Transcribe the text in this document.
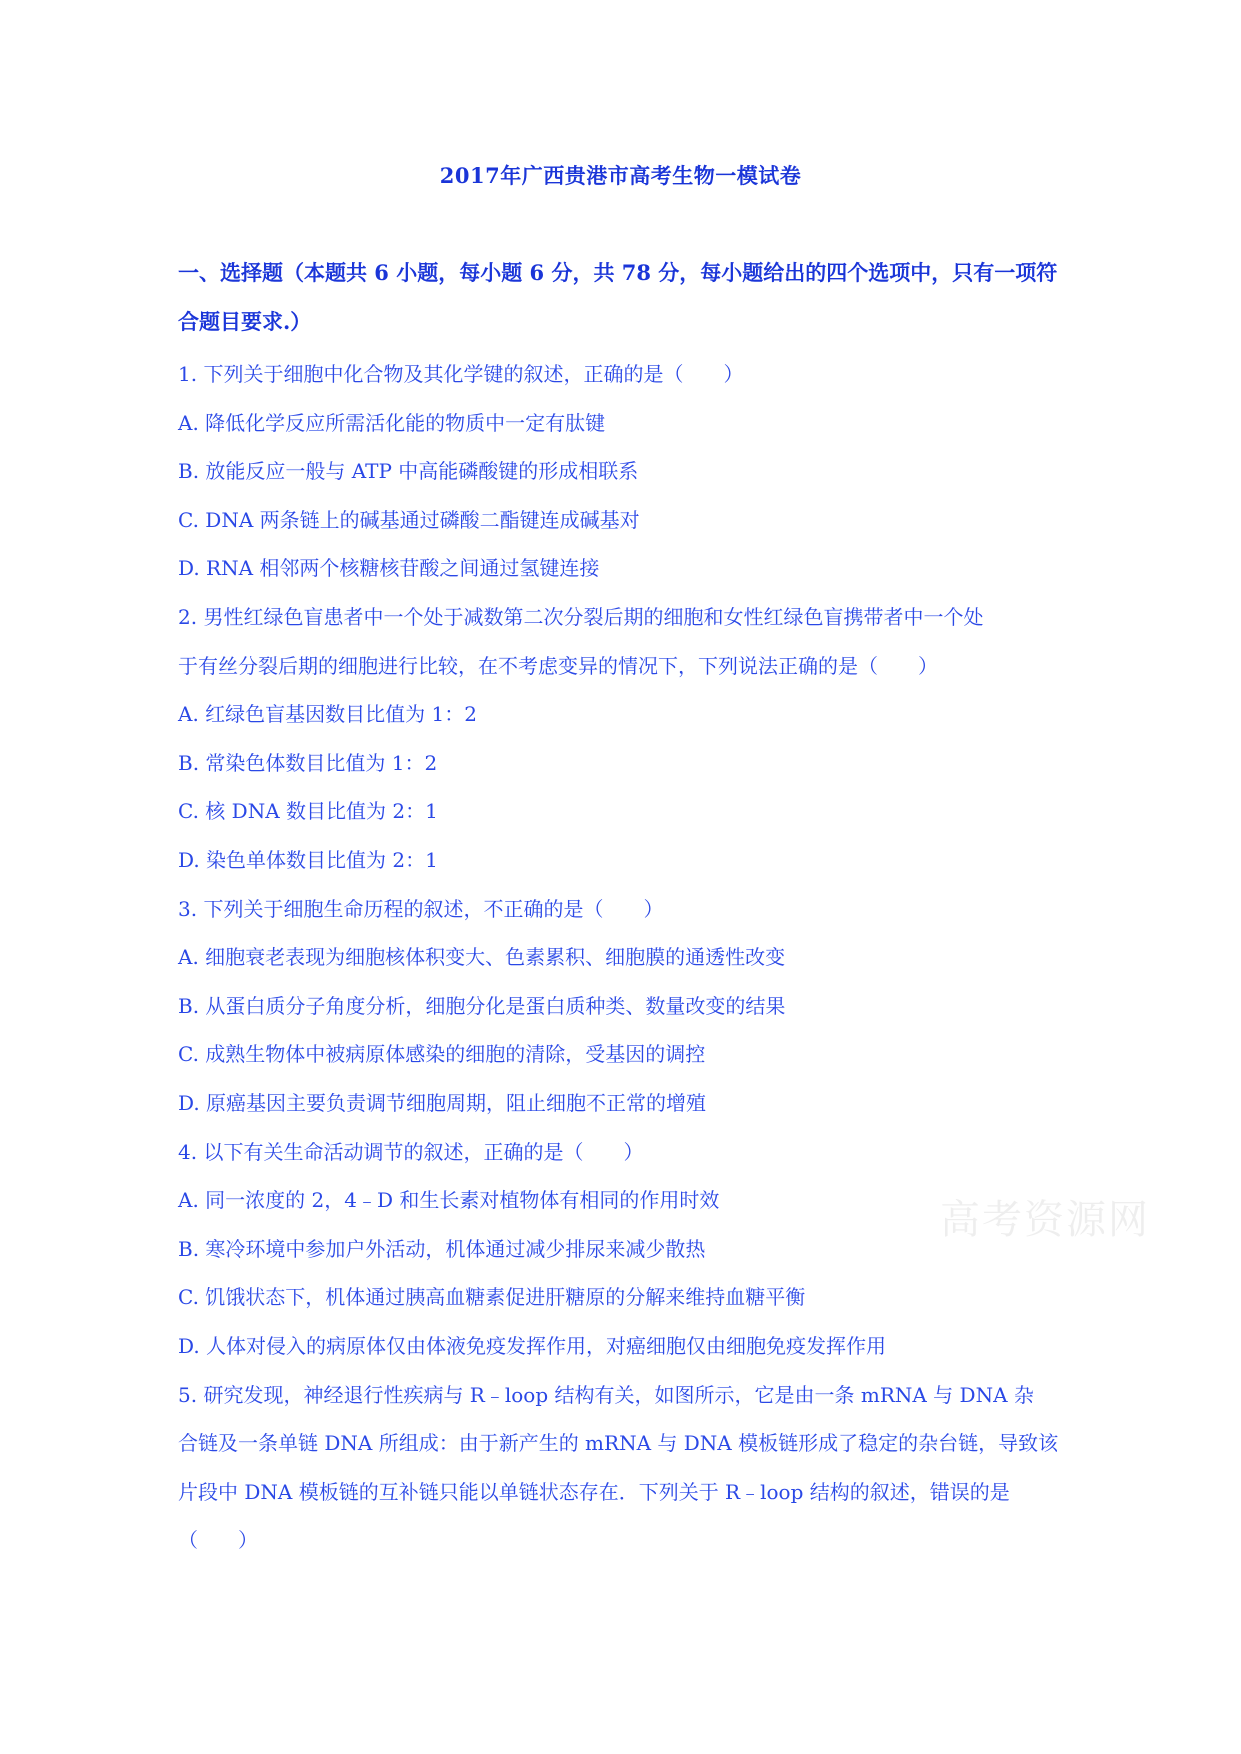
2017年广西贵港市高考生物一模试卷
一、选择题（本题共 6 小题，每小题 6 分，共 78 分，每小题给出的四个选项中，只有一项符
合题目要求.）
1. 下列关于细胞中化合物及其化学键的叙述，正确的是（　　）
A. 降低化学反应所需活化能的物质中一定有肽键
B. 放能反应一般与 ATP 中高能磷酸键的形成相联系
C. DNA 两条链上的碱基通过磷酸二酯键连成碱基对
D. RNA 相邻两个核糖核苷酸之间通过氢键连接
2. 男性红绿色盲患者中一个处于减数第二次分裂后期的细胞和女性红绿色盲携带者中一个处
于有丝分裂后期的细胞进行比较，在不考虑变异的情况下，下列说法正确的是（　　）
A. 红绿色盲基因数目比值为 1：2
B. 常染色体数目比值为 1：2
C. 核 DNA 数目比值为 2：1
D. 染色单体数目比值为 2：1
3. 下列关于细胞生命历程的叙述，不正确的是（　　）
A. 细胞衰老表现为细胞核体积变大、色素累积、细胞膜的通透性改变
B. 从蛋白质分子角度分析，细胞分化是蛋白质种类、数量改变的结果
C. 成熟生物体中被病原体感染的细胞的清除，受基因的调控
D. 原癌基因主要负责调节细胞周期，阻止细胞不正常的增殖
4. 以下有关生命活动调节的叙述，正确的是（　　）
A. 同一浓度的 2，4﹣D 和生长素对植物体有相同的作用时效
B. 寒冷环境中参加户外活动，机体通过减少排尿来减少散热
C. 饥饿状态下，机体通过胰高血糖素促进肝糖原的分解来维持血糖平衡
D. 人体对侵入的病原体仅由体液免疫发挥作用，对癌细胞仅由细胞免疫发挥作用
5. 研究发现，神经退行性疾病与 R﹣loop 结构有关，如图所示，它是由一条 mRNA 与 DNA 杂
合链及一条单链 DNA 所组成：由于新产生的 mRNA 与 DNA 模板链形成了稳定的杂台链，导致该
片段中 DNA 模板链的互补链只能以单链状态存在．下列关于 R﹣loop 结构的叙述，错误的是
（　　）
高考资源网
